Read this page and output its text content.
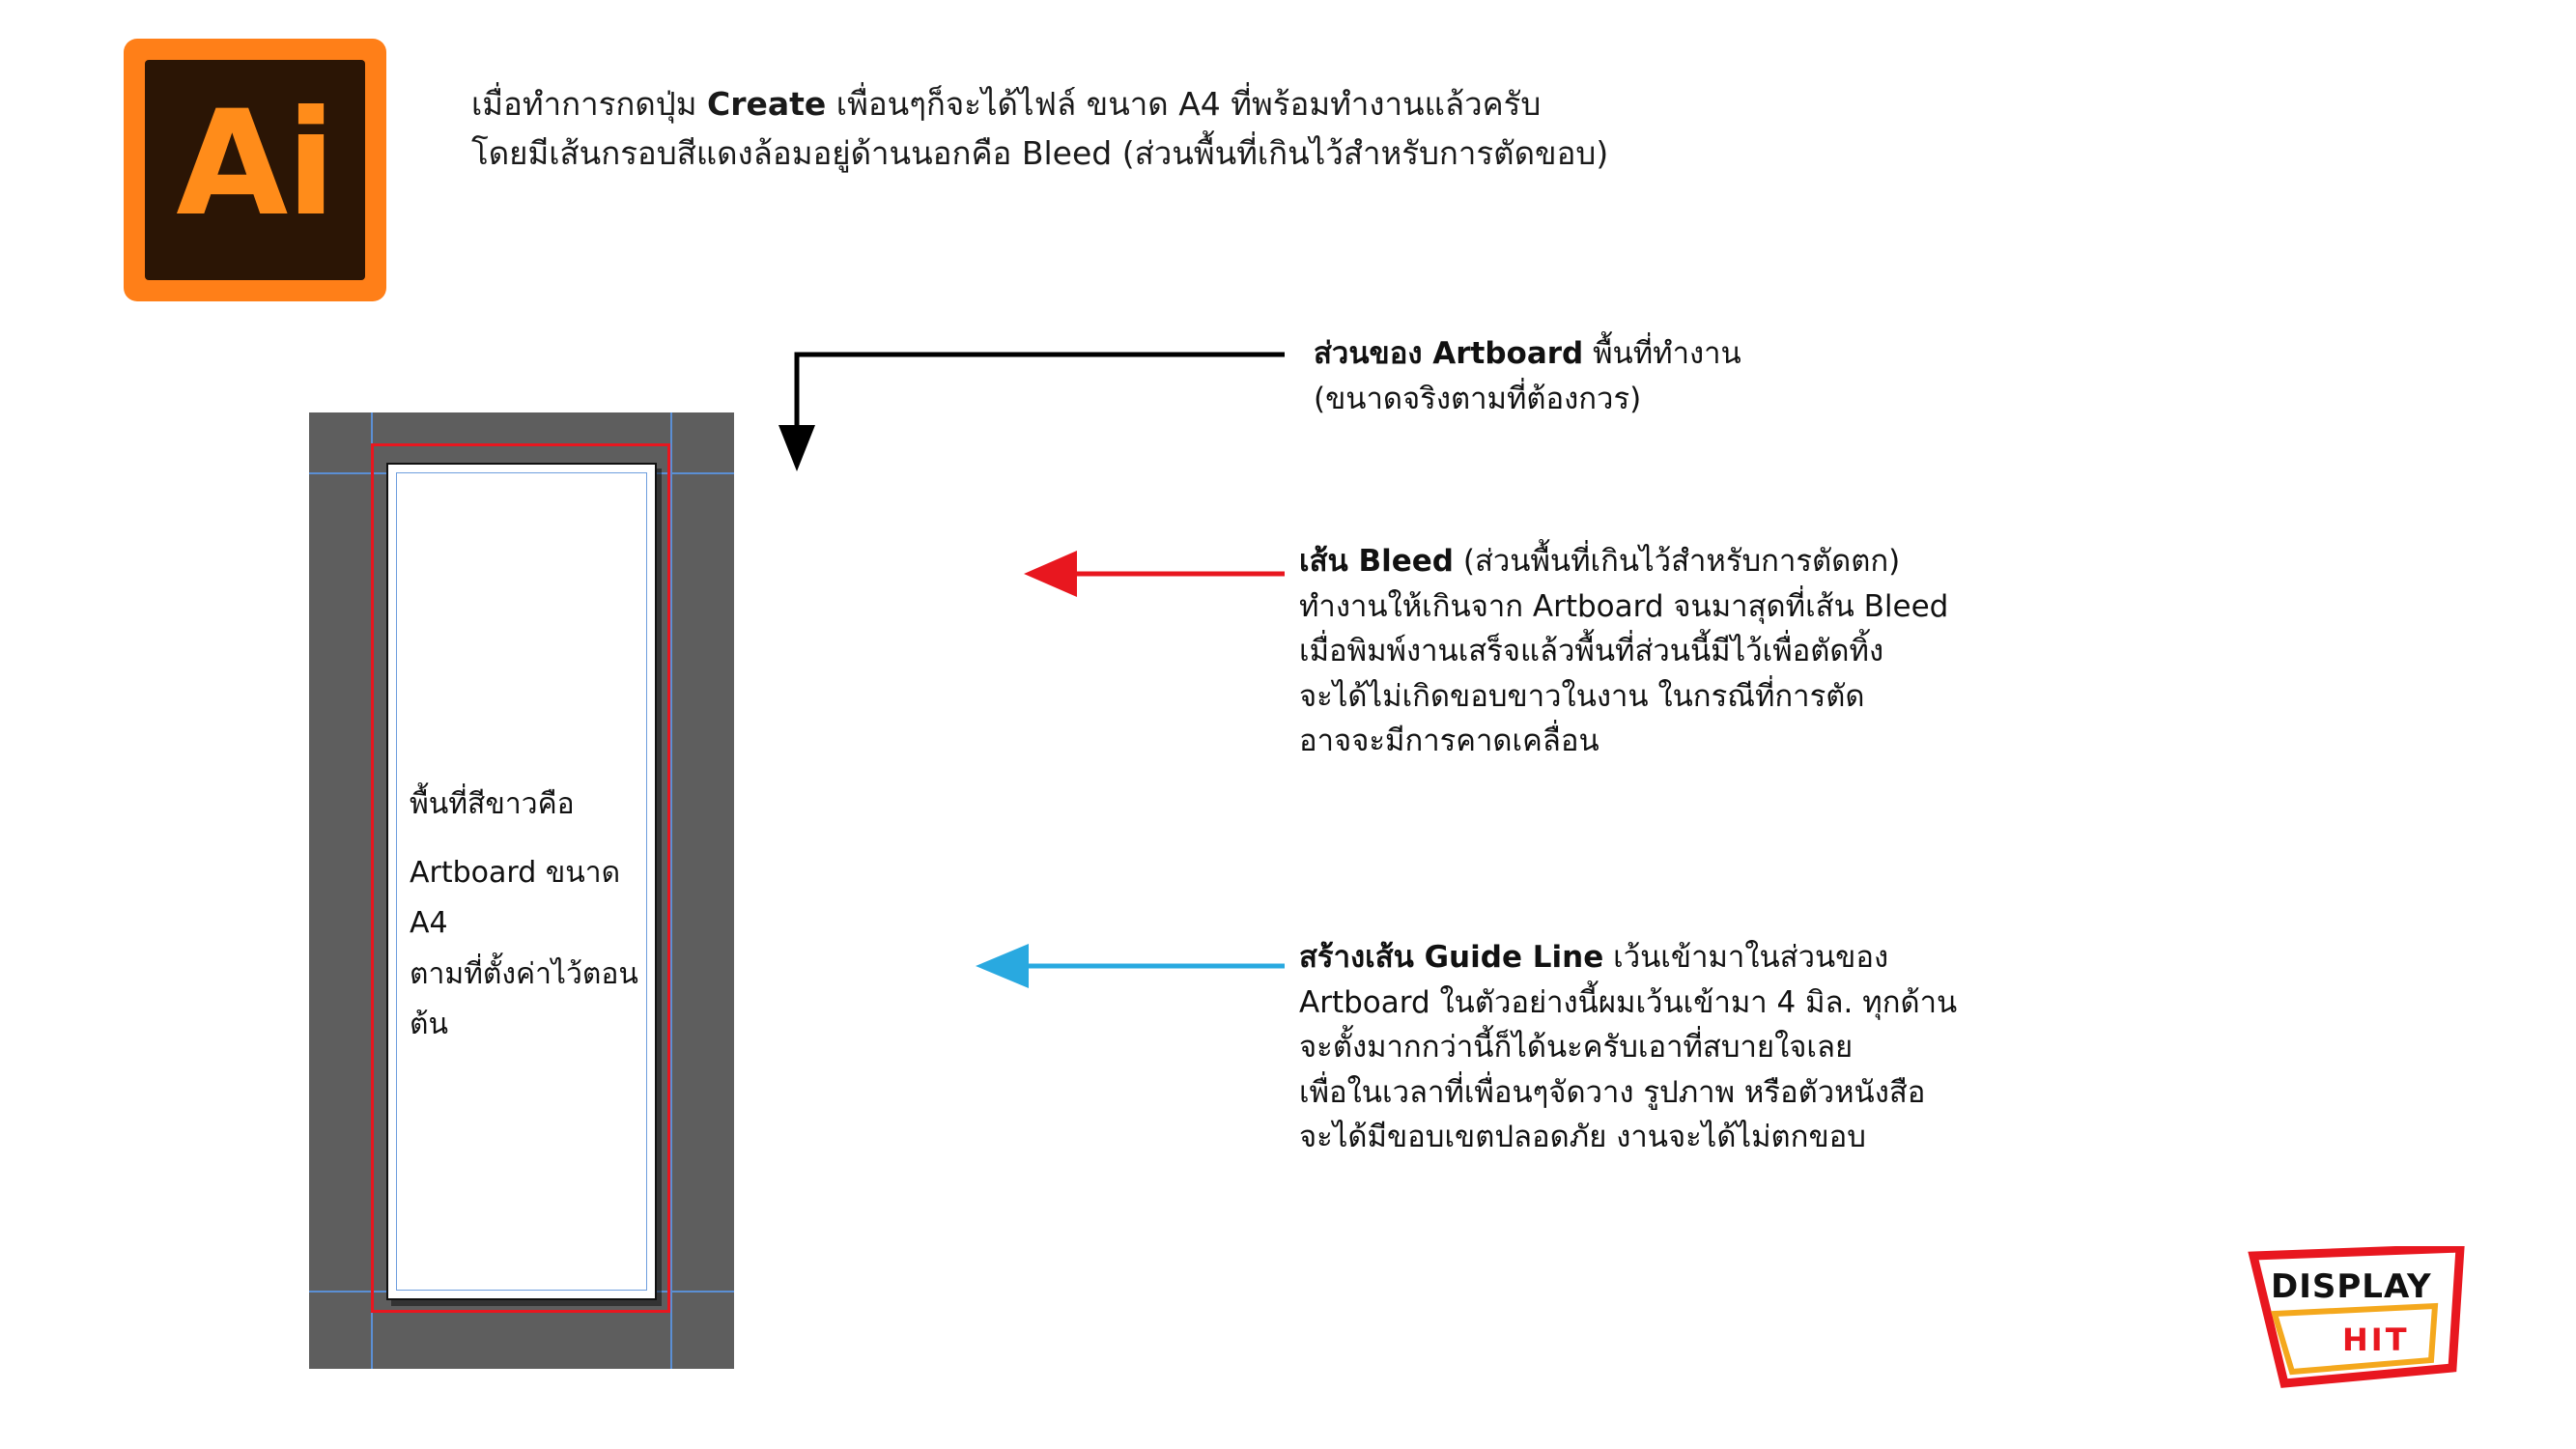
Ai	เมื่อทำการกดปุ่ม Create เพื่อนๆก็จะได้ไฟล์ ขนาด A4 ที่พร้อมทำงานแล้วครับ
โดยมีเส้นกรอบสีแดงล้อมอยู่ด้านนอกคือ Bleed (ส่วนพื้นที่เกินไว้สำหรับการตัดขอบ)
พื้นที่สีขาวคือ
Artboard ขนาด A4
ตามที่ตั้งค่าไว้ตอนต้น
ส่วนของ Artboard พื้นที่ทำงาน
(ขนาดจริงตามที่ต้องกวร)
เส้น Bleed (ส่วนพื้นที่เกินไว้สำหรับการตัดตก)
ทำงานให้เกินจาก Artboard จนมาสุดที่เส้น Bleed
เมื่อพิมพ์งานเสร็จแล้วพื้นที่ส่วนนี้มีไว้เพื่อตัดทิ้ง
จะได้ไม่เกิดขอบขาวในงาน ในกรณีที่การตัด
อาจจะมีการคาดเคลื่อน
สร้างเส้น Guide Line เว้นเข้ามาในส่วนของ
Artboard ในตัวอย่างนี้ผมเว้นเข้ามา 4 มิล. ทุกด้าน
จะตั้งมากกว่านี้ก็ได้นะครับเอาที่สบายใจเลย
เพื่อในเวลาที่เพื่อนๆจัดวาง รูปภาพ หรือตัวหนังสือ
จะได้มีขอบเขตปลอดภัย งานจะได้ไม่ตกขอบ
DISPLAY
HIT
